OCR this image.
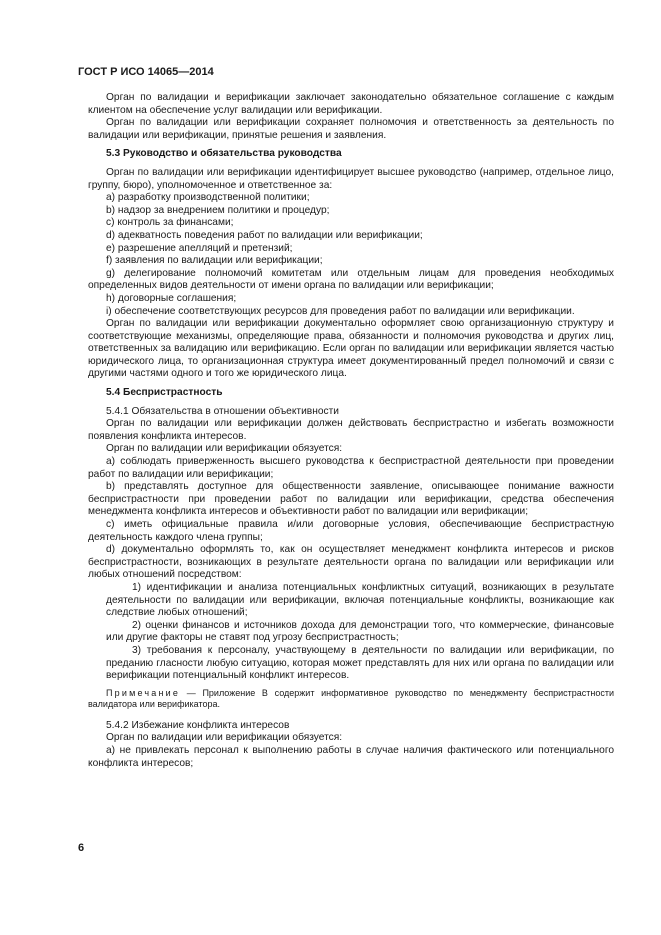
ГОСТ Р ИСО 14065—2014

Орган по валидации и верификации заключает законодательно обязательное соглашение с каждым клиентом на обеспечение услуг валидации или верификации.

Орган по валидации или верификации сохраняет полномочия и ответственность за деятельность по валидации или верификации, принятые решения и заявления.

5.3 Руководство и обязательства руководства

Орган по валидации или верификации идентифицирует высшее руководство (например, отдельное лицо, группу, бюро), уполномоченное и ответственное за:

a) разработку производственной политики;

b) надзор за внедрением политики и процедур;

c) контроль за финансами;

d) адекватность поведения работ по валидации или верификации;

e) разрешение апелляций и претензий;

f) заявления по валидации или верификации;

g) делегирование полномочий комитетам или отдельным лицам для проведения необходимых определенных видов деятельности от имени органа по валидации или верификации;

h) договорные соглашения;

i) обеспечение соответствующих ресурсов для проведения работ по валидации или верификации.

Орган по валидации или верификации документально оформляет свою организационную структуру и соответствующие механизмы, определяющие права, обязанности и полномочия руководства и других лиц, ответственных за валидацию или верификацию. Если орган по валидации или верификации является частью юридического лица, то организационная структура имеет документированный предел полномочий и связи с другими частями одного и того же юридического лица.

5.4 Беспристрастность

5.4.1 Обязательства в отношении объективности

Орган по валидации или верификации должен действовать беспристрастно и избегать возможности появления конфликта интересов.

Орган по валидации или верификации обязуется:

a) соблюдать приверженность высшего руководства к беспристрастной деятельности при проведении работ по валидации или верификации;

b) представлять доступное для общественности заявление, описывающее понимание важности беспристрастности при проведении работ по валидации или верификации, средства обеспечения менеджмента конфликта интересов и объективности работ по валидации или верификации;

c) иметь официальные правила и/или договорные условия, обеспечивающие беспристрастную деятельность каждого члена группы;

d) документально оформлять то, как он осуществляет менеджмент конфликта интересов и рисков беспристрастности, возникающих в результате деятельности органа по валидации или верификации или любых отношений посредством:

1) идентификации и анализа потенциальных конфликтных ситуаций, возникающих в результате деятельности по валидации или верификации, включая потенциальные конфликты, возникающие как следствие любых отношений;

2) оценки финансов и источников дохода для демонстрации того, что коммерческие, финансовые или другие факторы не ставят под угрозу беспристрастность;

3) требования к персоналу, участвующему в деятельности по валидации или верификации, по преданию гласности любую ситуацию, которая может представлять для них или органа по валидации или верификации потенциальный конфликт интересов.

Примечание — Приложение В содержит информативное руководство по менеджменту беспристрастности валидатора или верификатора.

5.4.2 Избежание конфликта интересов

Орган по валидации или верификации обязуется:

a) не привлекать персонал к выполнению работы в случае наличия фактического или потенциального конфликта интересов;

6
